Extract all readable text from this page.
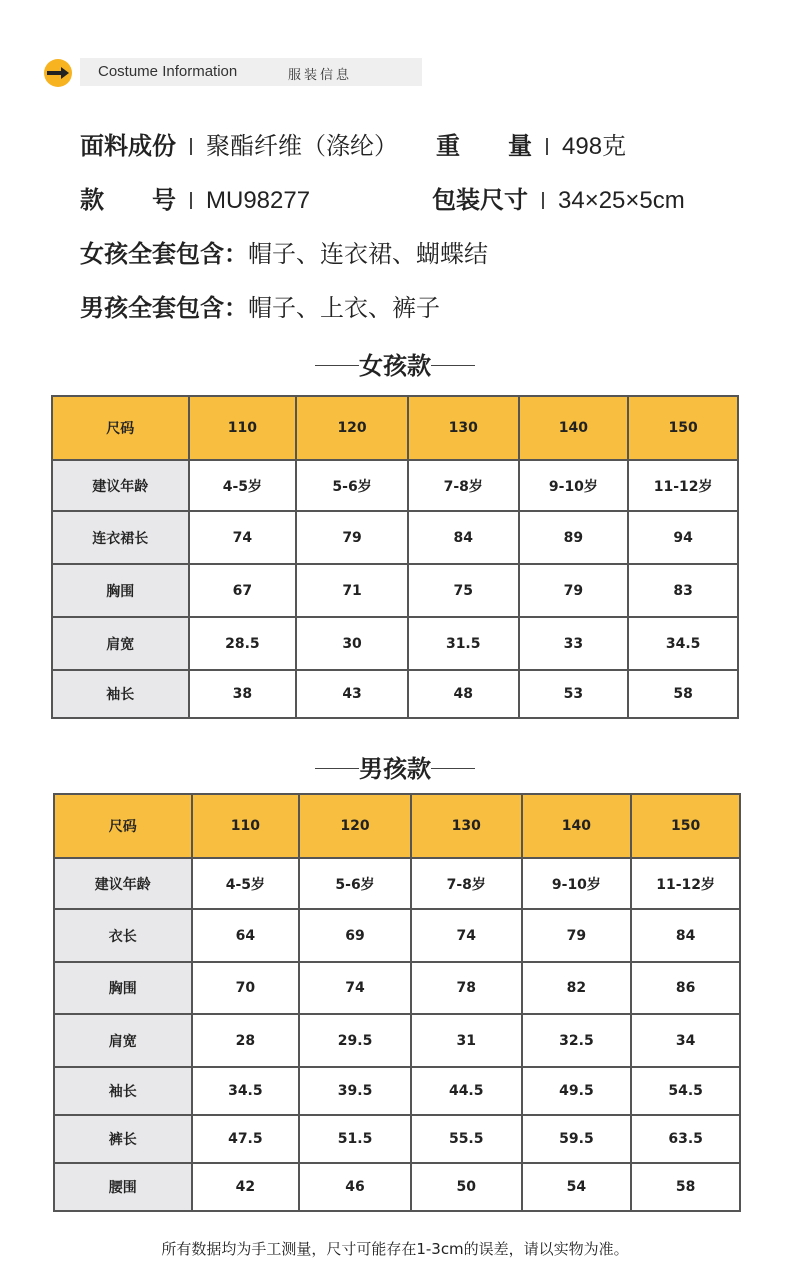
Costume Information	服装信息
面料成份 聚酯纤维（涤纶） 重　　量 498克
款　　号 MU98277	包装尺寸 34×25×5cm
女孩全套包含：帽子、连衣裙、蝴蝶结
男孩全套包含：帽子、上衣、裤子
女孩款
尺码	110	120	130	140	150
建议年龄	4-5岁	5-6岁	7-8岁	9-10岁	11-12岁
连衣裙长	74	79	84	89	94
胸围	67	71	75	79	83
肩宽	28.5	30	31.5	33	34.5
袖长	38	43	48	53	58
男孩款
尺码	110	120	130	140	150
建议年龄	4-5岁	5-6岁	7-8岁	9-10岁	11-12岁
衣长	64	69	74	79	84
胸围	70	74	78	82	86
肩宽	28	29.5	31	32.5	34
袖长	34.5	39.5	44.5	49.5	54.5
裤长	47.5	51.5	55.5	59.5	63.5
腰围	42	46	50	54	58
所有数据均为手工测量，尺寸可能存在1-3cm的误差，请以实物为准。
